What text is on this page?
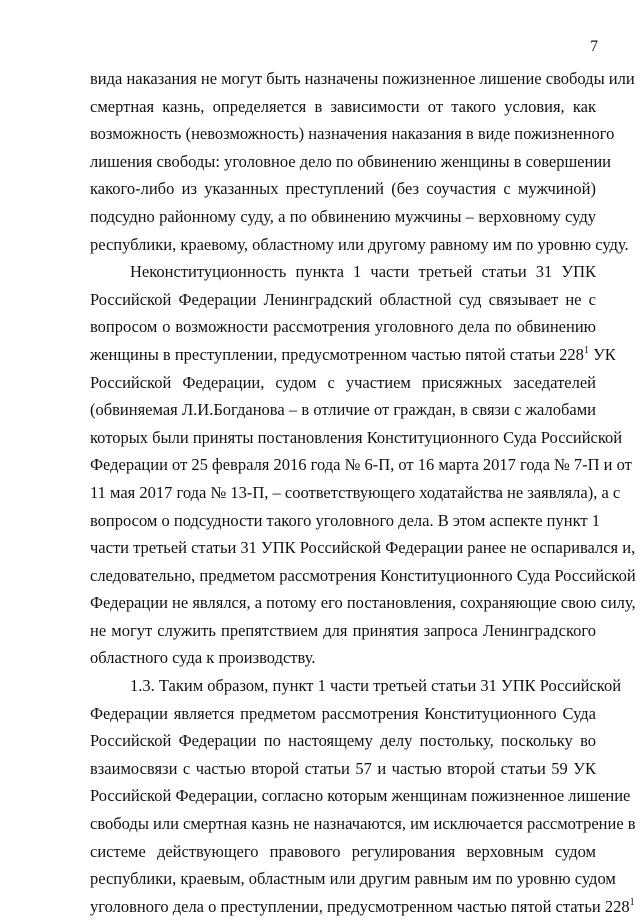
7
вида наказания не могут быть назначены пожизненное лишение свободы или
смертная казнь, определяется в зависимости от такого условия, как
возможность (невозможность) назначения наказания в виде пожизненного
лишения свободы: уголовное дело по обвинению женщины в совершении
какого-либо из указанных преступлений (без соучастия с мужчиной)
подсудно районному суду, а по обвинению мужчины – верховному суду
республики, краевому, областному или другому равному им по уровню суду.
Неконституционность пункта 1 части третьей статьи 31 УПК
Российской Федерации Ленинградский областной суд связывает не с
вопросом о возможности рассмотрения уголовного дела по обвинению
женщины в преступлении, предусмотренном частью пятой статьи $228^1$ УК
Российской Федерации, судом с участием присяжных заседателей
(обвиняемая Л.И.Богданова – в отличие от граждан, в связи с жалобами
которых были приняты постановления Конституционного Суда Российской
Федерации от 25 февраля 2016 года № 6-П, от 16 марта 2017 года № 7-П и от
11 мая 2017 года № 13-П, – соответствующего ходатайства не заявляла), а с
вопросом о подсудности такого уголовного дела. В этом аспекте пункт 1
части третьей статьи 31 УПК Российской Федерации ранее не оспаривался и,
следовательно, предметом рассмотрения Конституционного Суда Российской
Федерации не являлся, а потому его постановления, сохраняющие свою силу,
не могут служить препятствием для принятия запроса Ленинградского
областного суда к производству.
1.3. Таким образом, пункт 1 части третьей статьи 31 УПК Российской
Федерации является предметом рассмотрения Конституционного Суда
Российской Федерации по настоящему делу постольку, поскольку во
взаимосвязи с частью второй статьи 57 и частью второй статьи 59 УК
Российской Федерации, согласно которым женщинам пожизненное лишение
свободы или смертная казнь не назначаются, им исключается рассмотрение в
системе действующего правового регулирования верховным судом
республики, краевым, областным или другим равным им по уровню судом
уголовного дела о преступлении, предусмотренном частью пятой статьи $228^1$
